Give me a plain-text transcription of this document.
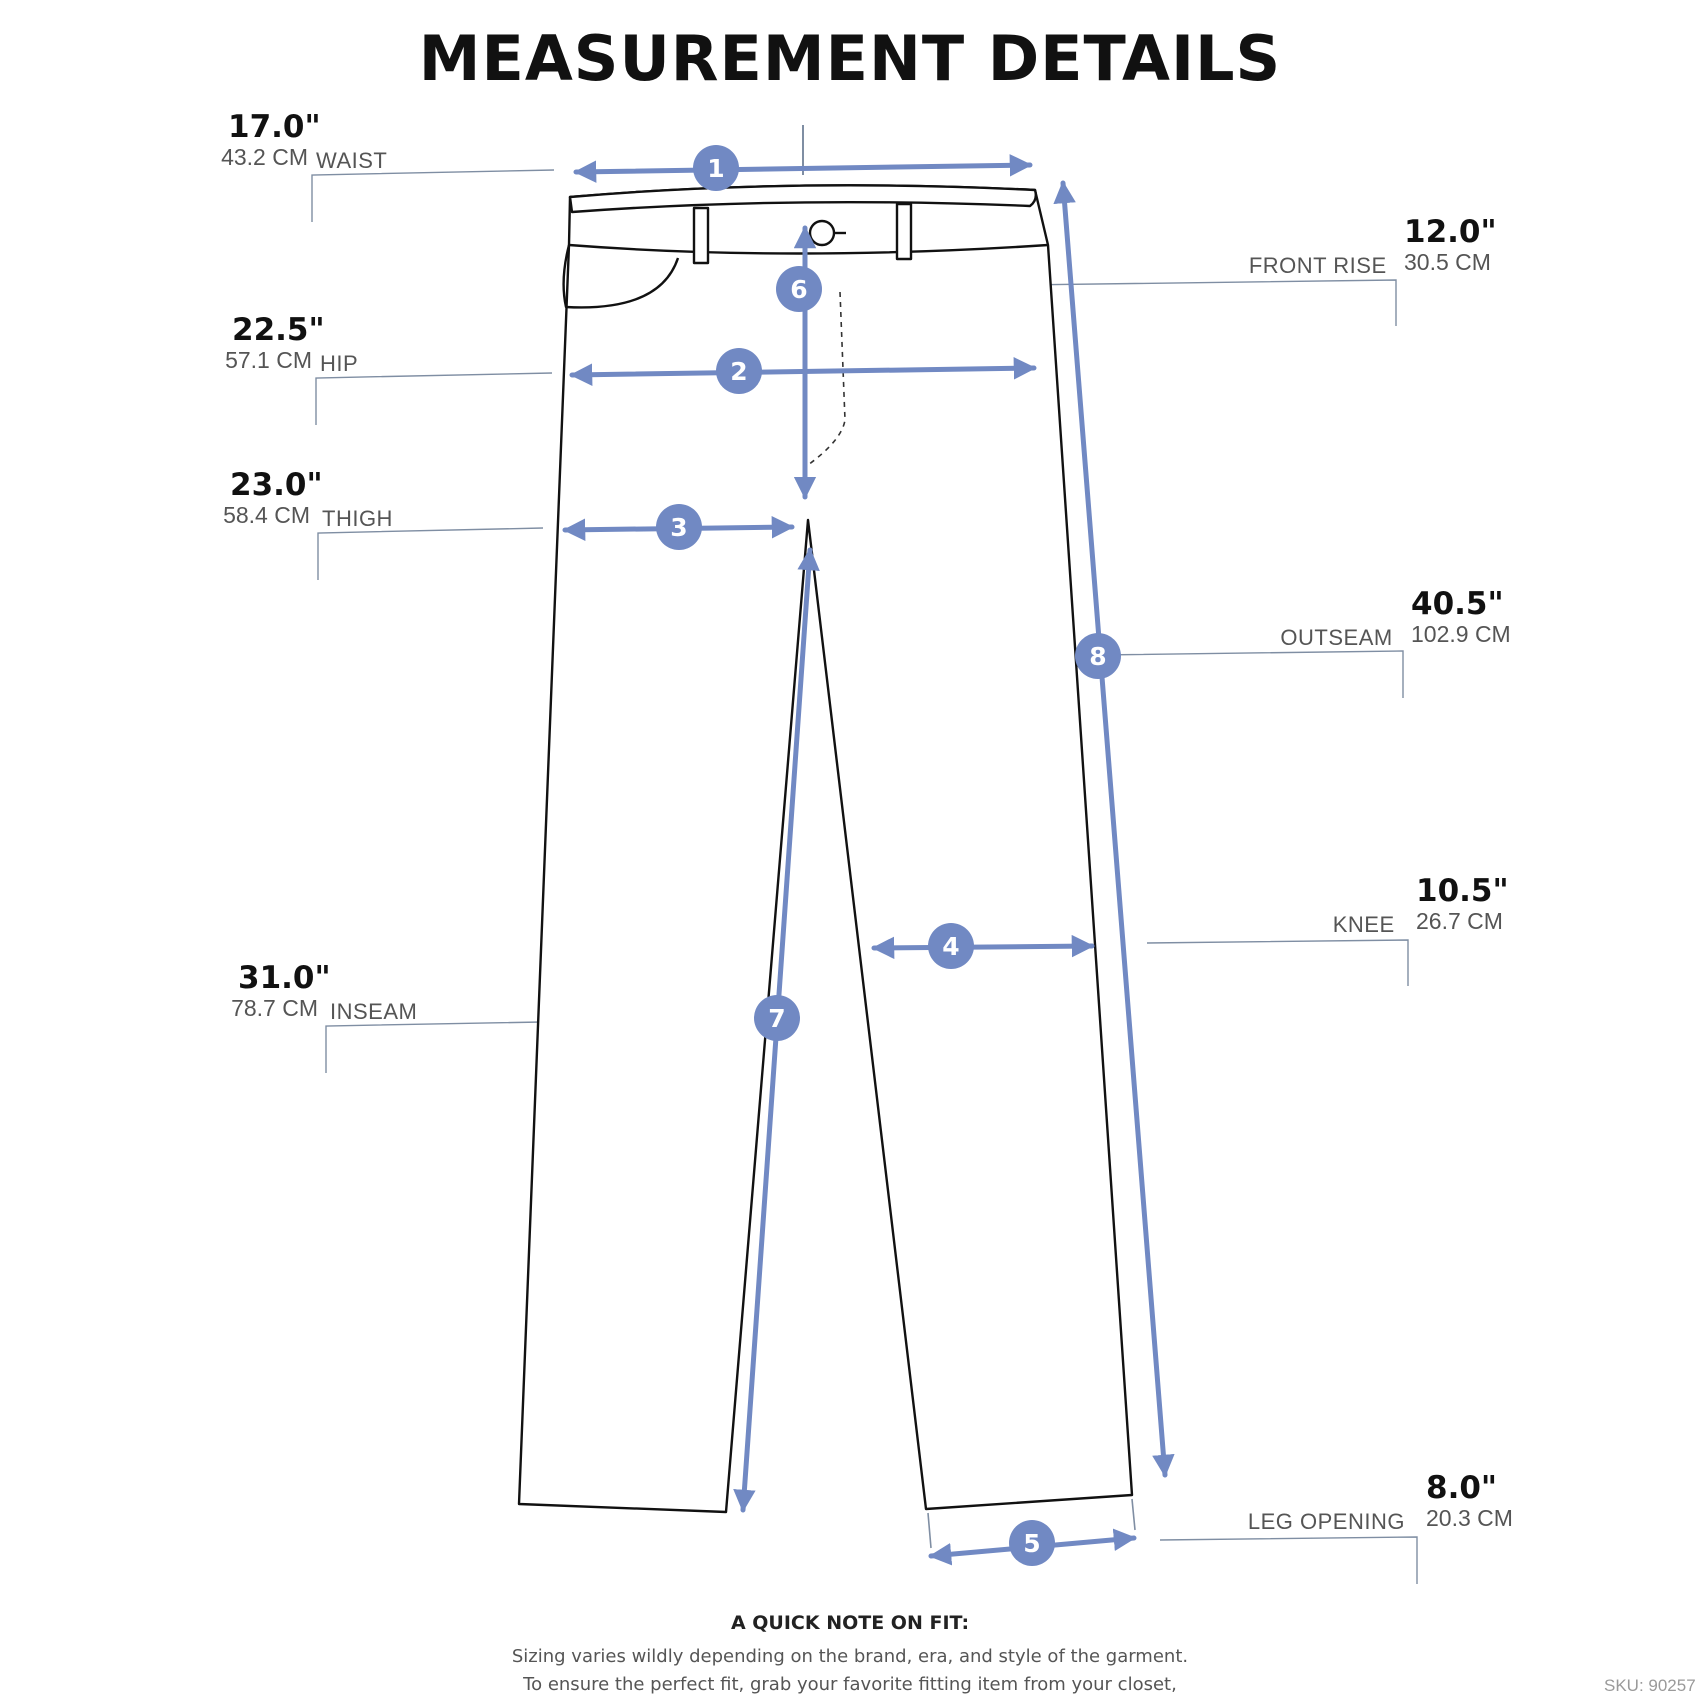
MEASUREMENT DETAILS
1
2
3
4
5
6
7
8
17.0"
43.2 CM WAIST
22.5"
57.1 CM HIP
23.0"
58.4 CM THIGH
31.0"
78.7 CM INSEAM
12.0"
30.5 CM
FRONT RISE
40.5"
102.9 CM
OUTSEAM
10.5"
26.7 CM
KNEE
8.0"
20.3 CM
LEG OPENING
A QUICK NOTE ON FIT:
Sizing varies wildly depending on the brand, era, and style of the garment.
To ensure the perfect fit, grab your favorite fitting item from your closet,	SKU: 90257
